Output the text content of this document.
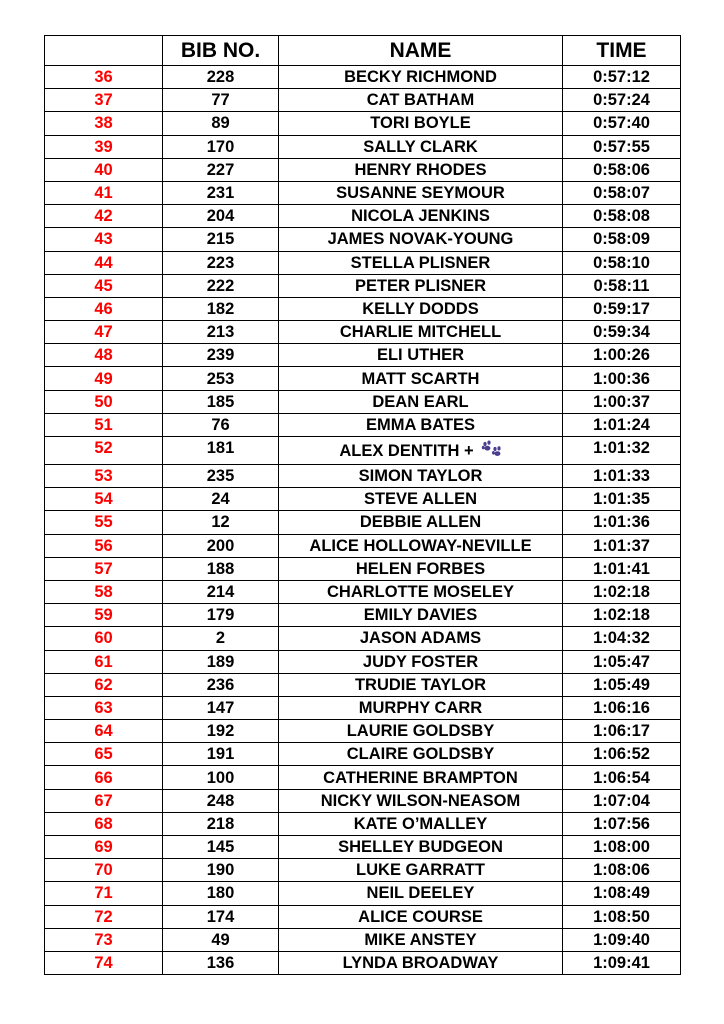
	BIB NO.	NAME	TIME
36	228	BECKY RICHMOND	0:57:12
37	77	CAT BATHAM	0:57:24
38	89	TORI BOYLE	0:57:40
39	170	SALLY CLARK	0:57:55
40	227	HENRY RHODES	0:58:06
41	231	SUSANNE SEYMOUR	0:58:07
42	204	NICOLA JENKINS	0:58:08
43	215	JAMES NOVAK-YOUNG	0:58:09
44	223	STELLA PLISNER	0:58:10
45	222	PETER PLISNER	0:58:11
46	182	KELLY DODDS	0:59:17
47	213	CHARLIE MITCHELL	0:59:34
48	239	ELI UTHER	1:00:26
49	253	MATT SCARTH	1:00:36
50	185	DEAN EARL	1:00:37
51	76	EMMA BATES	1:01:24
52	181	ALEX DENTITH +	1:01:32
53	235	SIMON TAYLOR	1:01:33
54	24	STEVE ALLEN	1:01:35
55	12	DEBBIE ALLEN	1:01:36
56	200	ALICE HOLLOWAY-NEVILLE	1:01:37
57	188	HELEN FORBES	1:01:41
58	214	CHARLOTTE MOSELEY	1:02:18
59	179	EMILY DAVIES	1:02:18
60	2	JASON ADAMS	1:04:32
61	189	JUDY FOSTER	1:05:47
62	236	TRUDIE TAYLOR	1:05:49
63	147	MURPHY CARR	1:06:16
64	192	LAURIE GOLDSBY	1:06:17
65	191	CLAIRE GOLDSBY	1:06:52
66	100	CATHERINE BRAMPTON	1:06:54
67	248	NICKY WILSON-NEASOM	1:07:04
68	218	KATE O’MALLEY	1:07:56
69	145	SHELLEY BUDGEON	1:08:00
70	190	LUKE GARRATT	1:08:06
71	180	NEIL DEELEY	1:08:49
72	174	ALICE COURSE	1:08:50
73	49	MIKE ANSTEY	1:09:40
74	136	LYNDA BROADWAY	1:09:41
